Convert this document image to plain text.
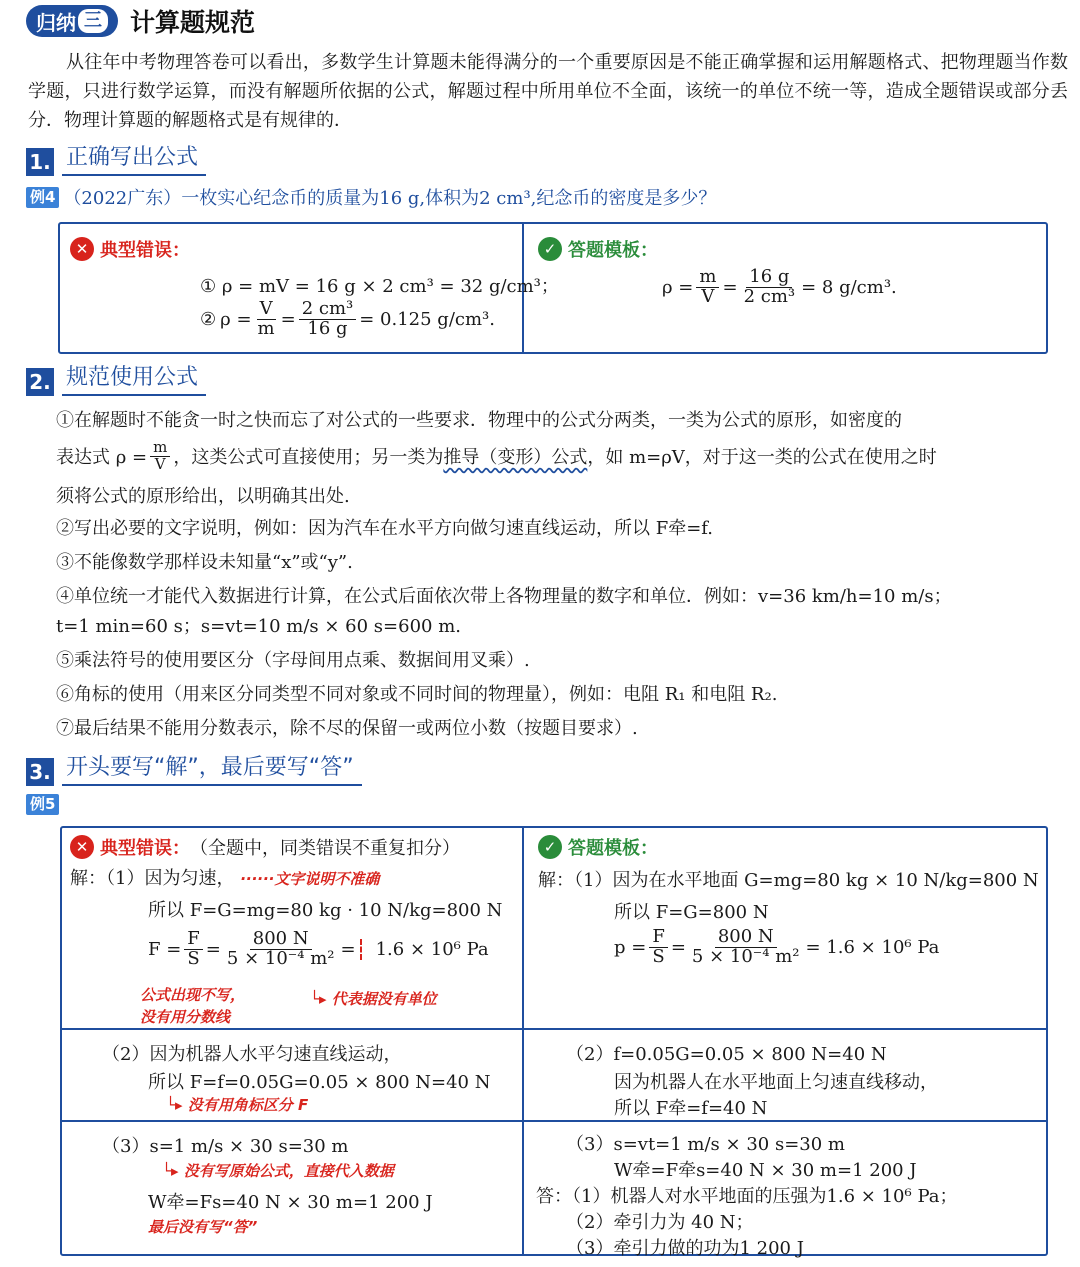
归纳 三 计算题规范
从往年中考物理答卷可以看出，多数学生计算题未能得满分的一个重要原因是不能正确掌握和运用解题格式、把物理题当作数学题，只进行数学运算，而没有解题所依据的公式，解题过程中所用单位不全面，该统一的单位不统一等，造成全题错误或部分丢分．物理计算题的解题格式是有规律的．
1. 正确写出公式
例4 （2022广东）一枚实心纪念币的质量为16 g,体积为2 cm³,纪念币的密度是多少？
✕ 典型错误：
① ρ = mV = 16 g × 2 cm³ = 32 g/cm³；
② $\rho = \frac{V}{m} = \frac{\text{2 cm³}}{16 g} = 0.125$ g/cm³.
✓ 答题模板：
$\rho = \frac{m}{V} = \frac{16 g}{\text{2 cm³}} = 8$ g/cm³.
2. 规范使用公式
①在解题时不能贪一时之快而忘了对公式的一些要求．物理中的公式分两类，一类为公式的原形，如密度的
表达式 $\rho = \frac{m}{V}$ ，这类公式可直接使用；另一类为 推导（变形）公式 ，如 m=ρV，对于这一类的公式在使用之时
须将公式的原形给出，以明确其出处.
②写出必要的文字说明，例如：因为汽车在水平方向做匀速直线运动，所以 F牵=f.
③不能像数学那样设未知量“x”或“y”.
④单位统一才能代入数据进行计算，在公式后面依次带上各物理量的数字和单位．例如：v=36 km/h=10 m/s；
t=1 min=60 s；s=vt=10 m/s × 60 s=600 m.
⑤乘法符号的使用要区分（字母间用点乘、数据间用叉乘）.
⑥角标的使用（用来区分同类型不同对象或不同时间的物理量），例如：电阻 R₁ 和电阻 R₂.
⑦最后结果不能用分数表示，除不尽的保留一或两位小数（按题目要求）.
3. 开头要写“解”，最后要写“答”
例5
✕ 典型错误： （全题中，同类错误不重复扣分）
解：（1）因为匀速， ······文字说明不准确
所以 F=G=mg=80 kg · 10 N/kg=800 N
$F = \frac{F}{S} = \frac{800 N}{\text{5 × 10⁻⁴ m²}}$ =	1.6 × 10⁶ Pa
公式出现不写，
没有用分数线
└▸ 代表据没有单位
（2）因为机器人水平匀速直线运动，
所以 F=f=0.05G=0.05 × 800 N=40 N
└▸ 没有用角标区分 F
（3）s=1 m/s × 30 s=30 m
└▸ 没有写原始公式，直接代入数据
W牵=Fs=40 N × 30 m=1 200 J
最后没有写“答”
✓ 答题模板：
解：（1）因为在水平地面 G=mg=80 kg × 10 N/kg=800 N
所以 F=G=800 N
$p = \frac{F}{S} = \frac{800 N}{\text{5 × 10⁻⁴ m²}} = 1.6 \times 10^6$ Pa
（2）f=0.05G=0.05 × 800 N=40 N
因为机器人在水平地面上匀速直线移动，
所以 F牵=f=40 N
（3）s=vt=1 m/s × 30 s=30 m
W牵=F牵s=40 N × 30 m=1 200 J
答：（1）机器人对水平地面的压强为1.6 × 10⁶ Pa；
（2）牵引力为 40 N；
（3）牵引力做的功为1 200 J
